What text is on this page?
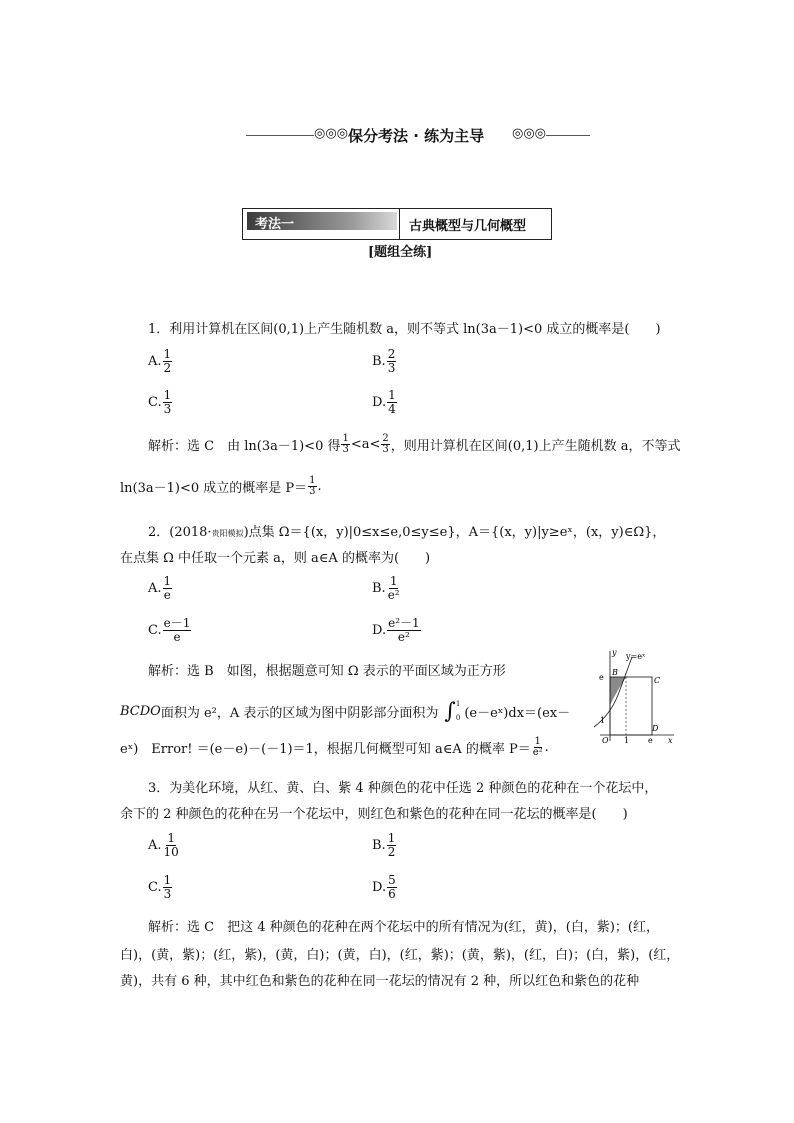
◎◎◎ 保分考法 · 练为主导 ◎◎◎
考法一	古典概型与几何概型
[题组全练]
1．利用计算机在区间(0,1)上产生随机数 a，则不等式 ln(3a－1)<0 成立的概率是(　　)
A. $\frac{1}{2}$	B. $\frac{2}{3}$
C. $\frac{1}{3}$	D. $\frac{1}{4}$
解析：选 C　由 ln(3a－1)<0 得 $\frac{1}{3} <a< \frac{2}{3}$ ，则用计算机在区间(0,1)上产生随机数 a，不等式
ln(3a－1)<0 成立的概率是 $P= \frac{1}{3}$ .
2．(2018·贵阳模拟)点集 Ω＝{(x，y)|0≤x≤e,0≤y≤e}，A＝{(x，y)|y≥eˣ，(x，y)∈Ω}，
在点集 Ω 中任取一个元素 a，则 a∈A 的概率为(　　)
A. $\frac{1}{e}$	B. $\frac{1}{\text{e²}}$
C. $\frac{e-1}{e}$	D. $\frac{\text{e²－1}}{\text{e²}}$
解析：选 B　如图，根据题意可知 Ω 表示的平面区域为正方形
BCDO 面积为 e²，A 表示的区域为图中阴影部分面积为 ∫ 1
0 (e－eˣ)dx＝(ex－
eˣ)　Error! ＝(e－e)－(－1)＝1，根据几何概型可知 a∈A 的概率 $P= \frac{1}{\text{e²}}$ .
y y=eˣ
e
B
C
1
D
O 1 e x
3．为美化环境，从红、黄、白、紫 4 种颜色的花中任选 2 种颜色的花种在一个花坛中，
余下的 2 种颜色的花种在另一个花坛中，则红色和紫色的花种在同一花坛的概率是(　　)
A. $\frac{1}{10}$	B. $\frac{1}{2}$
C. $\frac{1}{3}$	D. $\frac{5}{6}$
解析：选 C　把这 4 种颜色的花种在两个花坛中的所有情况为(红，黄)，(白，紫)；(红，
白)，(黄，紫)；(红，紫)，(黄，白)；(黄，白)，(红，紫)；(黄，紫)，(红，白)；(白，紫)，(红，
黄)，共有 6 种，其中红色和紫色的花种在同一花坛的情况有 2 种，所以红色和紫色的花种
